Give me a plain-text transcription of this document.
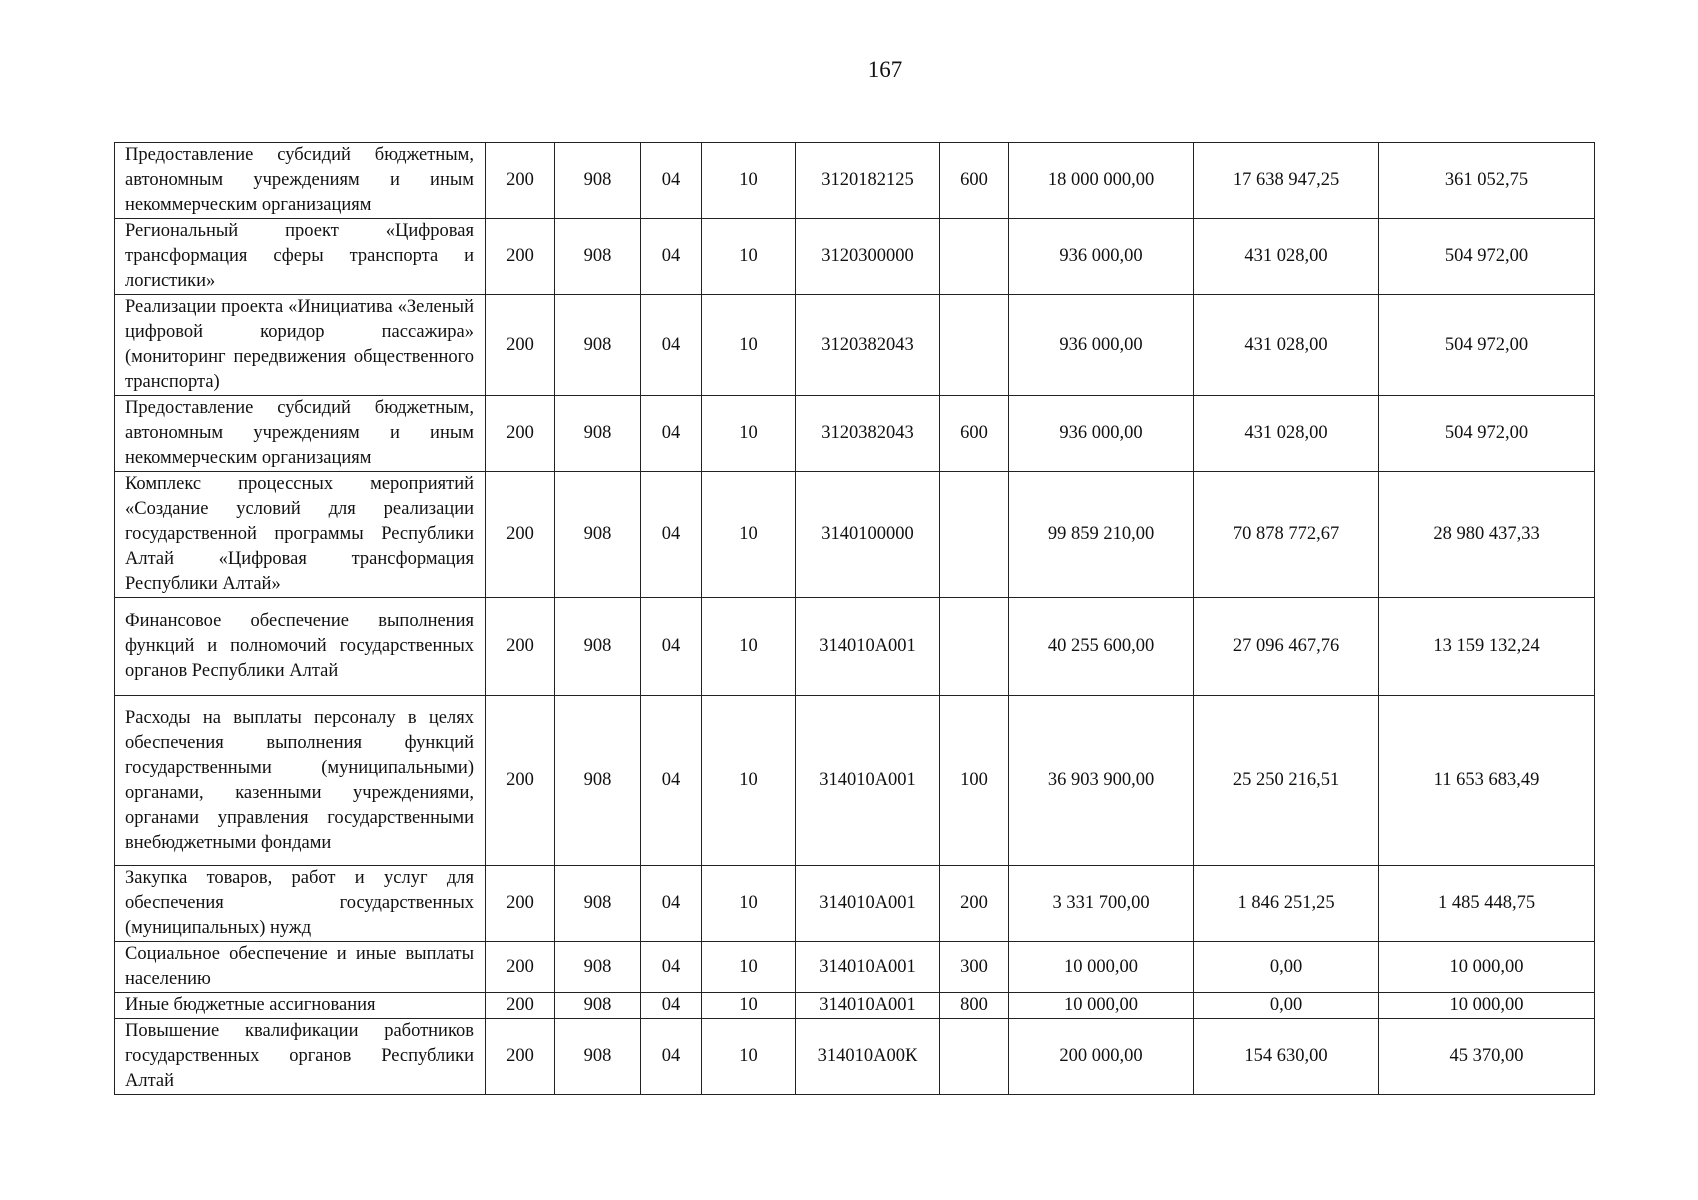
167
Предоставление субсидий бюджетным, автономным учреждениям и иным некоммерческим организациям	200	908	04	10	3120182125	600	18 000 000,00	17 638 947,25	361 052,75
Региональный проект «Цифровая трансформация сферы транспорта и логистики»	200	908	04	10	3120300000		936 000,00	431 028,00	504 972,00
Реализации проекта «Инициатива «Зеленый цифровой коридор пассажира» (мониторинг передвижения общественного транспорта)	200	908	04	10	3120382043		936 000,00	431 028,00	504 972,00
Предоставление субсидий бюджетным, автономным учреждениям и иным некоммерческим организациям	200	908	04	10	3120382043	600	936 000,00	431 028,00	504 972,00
Комплекс процессных мероприятий «Создание условий для реализации государственной программы Республики Алтай «Цифровая трансформация Республики Алтай»	200	908	04	10	3140100000		99 859 210,00	70 878 772,67	28 980 437,33
Финансовое обеспечение выполнения функций и полномочий государственных органов Республики Алтай	200	908	04	10	314010А001		40 255 600,00	27 096 467,76	13 159 132,24
Расходы на выплаты персоналу в целях обеспечения выполнения функций государственными (муниципальными) органами, казенными учреждениями, органами управления государственными внебюджетными фондами	200	908	04	10	314010А001	100	36 903 900,00	25 250 216,51	11 653 683,49
Закупка товаров, работ и услуг для обеспечения государственных (муниципальных) нужд	200	908	04	10	314010А001	200	3 331 700,00	1 846 251,25	1 485 448,75
Социальное обеспечение и иные выплаты населению	200	908	04	10	314010А001	300	10 000,00	0,00	10 000,00
Иные бюджетные ассигнования	200	908	04	10	314010А001	800	10 000,00	0,00	10 000,00
Повышение квалификации работников государственных органов Республики Алтай	200	908	04	10	314010А00К		200 000,00	154 630,00	45 370,00
